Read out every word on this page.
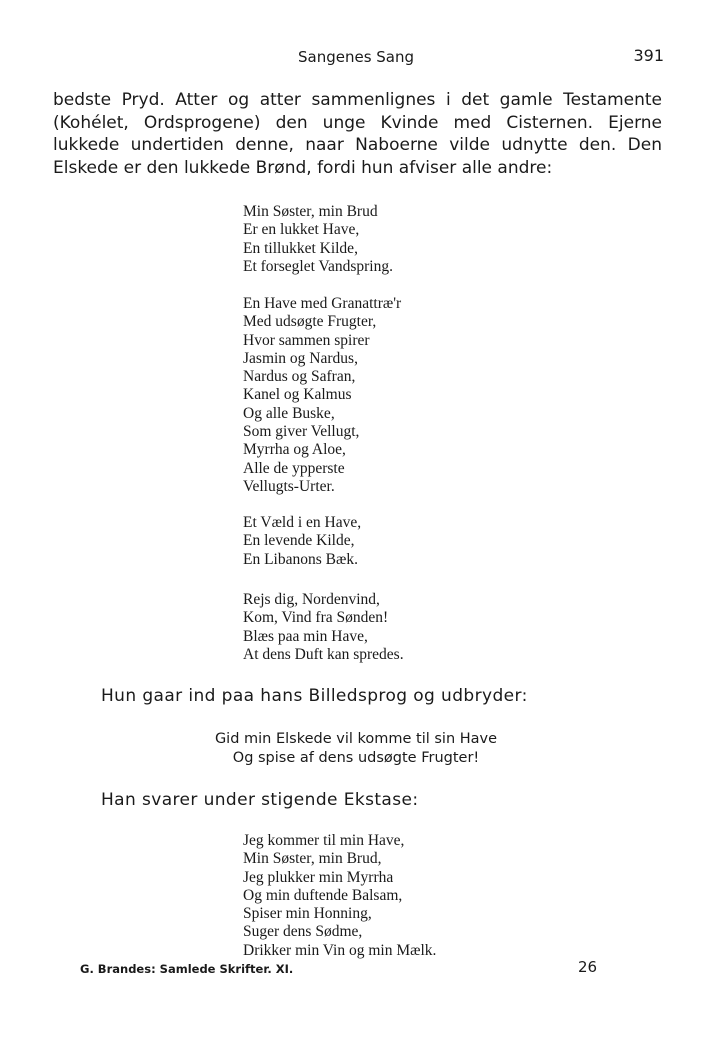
Sangenes Sang	391
bedste Pryd. Atter og atter sammenlignes i det gamle Testamente (Kohélet, Ordsprogene) den unge Kvinde med Cisternen. Ejerne lukkede undertiden denne, naar Naboerne vilde udnytte den. Den Elskede er den lukkede Brønd, fordi hun afviser alle andre:
Min Søster, min Brud
Er en lukket Have,
En tillukket Kilde,
Et forseglet Vandspring.
En Have med Granattræ'r
Med udsøgte Frugter,
Hvor sammen spirer
Jasmin og Nardus,
Nardus og Safran,
Kanel og Kalmus
Og alle Buske,
Som giver Vellugt,
Myrrha og Aloe,
Alle de ypperste
Vellugts-Urter.
Et Væld i en Have,
En levende Kilde,
En Libanons Bæk.
Rejs dig, Nordenvind,
Kom, Vind fra Sønden!
Blæs paa min Have,
At dens Duft kan spredes.
Hun gaar ind paa hans Billedsprog og udbryder:
Gid min Elskede vil komme til sin Have
Og spise af dens udsøgte Frugter!
Han svarer under stigende Ekstase:
Jeg kommer til min Have,
Min Søster, min Brud,
Jeg plukker min Myrrha
Og min duftende Balsam,
Spiser min Honning,
Suger dens Sødme,
Drikker min Vin og min Mælk.
G. Brandes: Samlede Skrifter. XI.	26
